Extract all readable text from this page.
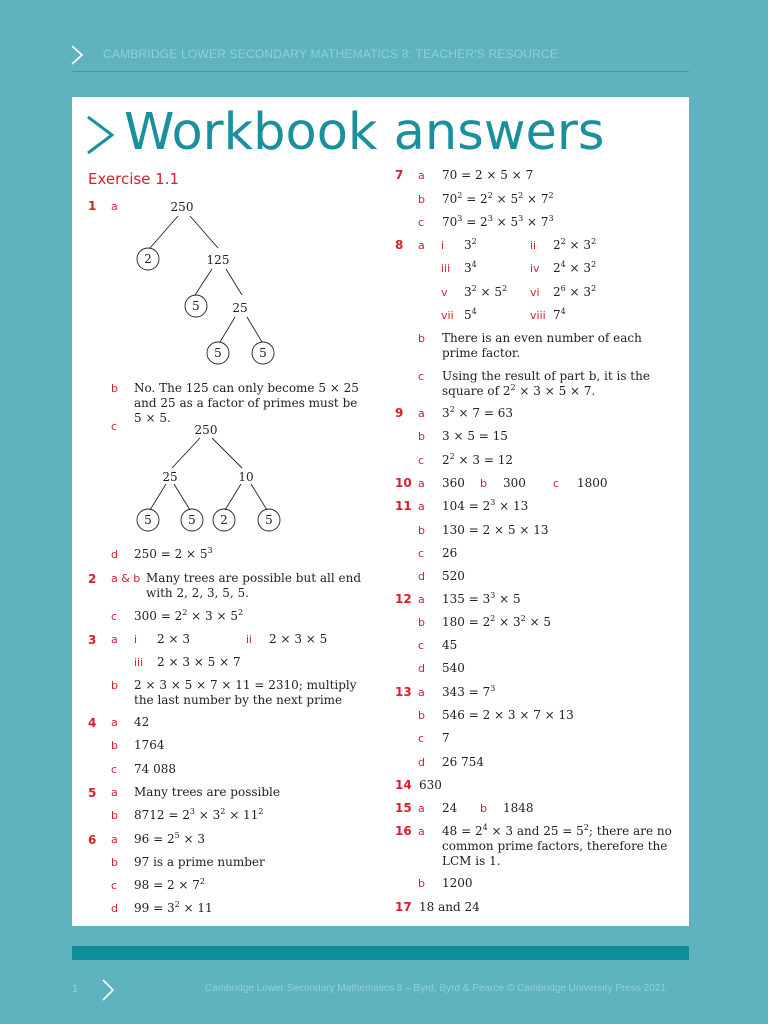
CAMBRIDGE LOWER SECONDARY MATHEMATICS 8: TEACHER'S RESOURCE
Workbook answers
Exercise 1.1
1 a	250
2	125
5	25
5	5
b No. The 125 can only become 5 × 25 and 25 as a factor of primes must be 5 × 5.
c	250
25	10
5	5 2	5
d $250 = 2 \times 5^3$
2 a & b Many trees are possible but all end with 2, 2, 3, 5, 5.
c $300 = 2^2 \times 3 \times 5^2$
3 a i 2 × 3	ii 2 × 3 × 5
iii 2 × 3 × 5 × 7
b 2 × 3 × 5 × 7 × 11 = 2310; multiply the last number by the next prime
4 a 42
b 1764
c 74 088
5 a Many trees are possible
b $8712 = 2^3 \times 3^2 \times 11^2$
6 a $96 = 2^5 \times 3$
b 97 is a prime number
c $98 = 2 \times 7^2$
d $99 = 3^2 \times 11$
7 a 70 = 2 × 5 × 7
b $70^2 = 2^2 \times 5^2 \times 7^2$
c $70^3 = 2^3 \times 5^3 \times 7^3$
8 a i $3^2$	ii $2^2 \times 3^2$
iii $3^4$	iv $2^4 \times 3^2$
v $3^2 \times 5^2$ vi $2^6 \times 3^2$
vii $5^4$	viii $7^4$
b There is an even number of each prime factor.
c Using the result of part b, it is the square of $2^2 \times 3 \times 5 \times 7$.
9 a $3^2 \times 7 = 63$
b 3 × 5 = 15
c $2^2 \times 3 = 12$
10 a 360 b 300 c 1800
11 a $104 = 2^3 \times 13$
b 130 = 2 × 5 × 13
c 26
d 520
12 a $135 = 3^3 \times 5$
b $180 = 2^2 \times 3^2 \times 5$
c 45
d 540
13 a $343 = 7^3$
b 546 = 2 × 3 × 7 × 13
c 7
d 26 754
14 630
15 a 24 b 1848
16 a $48 = 2^4 \times 3$ and $25 = 5^2$; there are no common prime factors, therefore the LCM is 1.
b 1200
17 18 and 24
1	Cambridge Lower Secondary Mathematics 8 – Byrd, Byrd & Pearce © Cambridge University Press 2021
